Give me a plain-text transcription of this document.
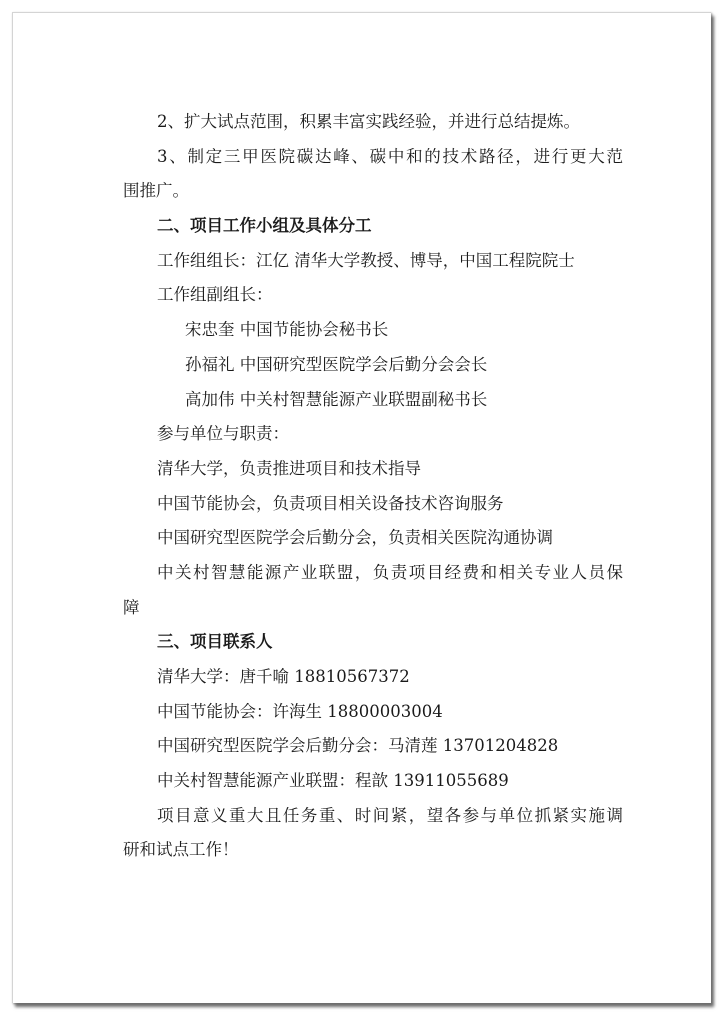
2、扩大试点范围，积累丰富实践经验，并进行总结提炼。
3、制定三甲医院碳达峰、碳中和的技术路径，进行更大范
围推广。
二、项目工作小组及具体分工
工作组组长：江亿 清华大学教授、博导，中国工程院院士
工作组副组长：
宋忠奎 中国节能协会秘书长
孙福礼 中国研究型医院学会后勤分会会长
高加伟 中关村智慧能源产业联盟副秘书长
参与单位与职责：
清华大学，负责推进项目和技术指导
中国节能协会，负责项目相关设备技术咨询服务
中国研究型医院学会后勤分会，负责相关医院沟通协调
中关村智慧能源产业联盟，负责项目经费和相关专业人员保
障
三、项目联系人
清华大学：唐千喻 18810567372
中国节能协会：许海生 18800003004
中国研究型医院学会后勤分会：马清莲 13701204828
中关村智慧能源产业联盟：程歆 13911055689
项目意义重大且任务重、时间紧，望各参与单位抓紧实施调
研和试点工作！
